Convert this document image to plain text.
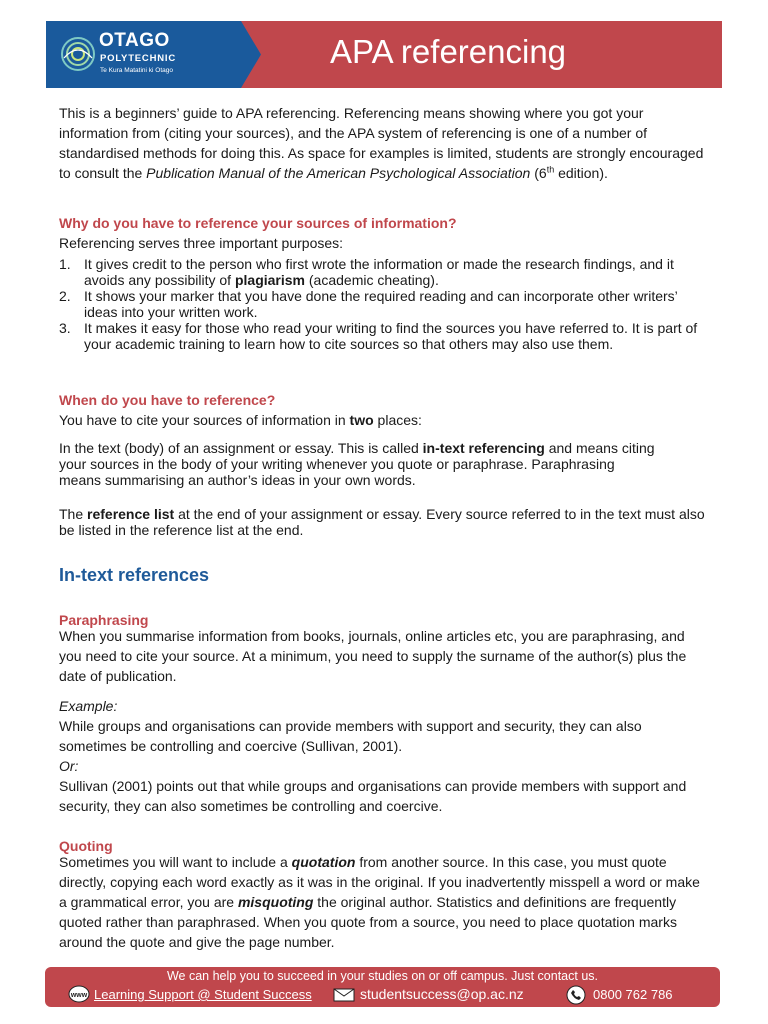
OTAGO
POLYTECHNIC
Te Kura Matatini ki Otago
APA referencing

This is a beginners’ guide to APA referencing. Referencing means showing where you got your information from (citing your sources), and the APA system of referencing is one of a number of standardised methods for doing this. As space for examples is limited, students are strongly encouraged to consult the Publication Manual of the American Psychological Association (6th edition).

Why do you have to reference your sources of information?

Referencing serves three important purposes:

1. It gives credit to the person who first wrote the information or made the research findings, and it avoids any possibility of plagiarism (academic cheating).
2. It shows your marker that you have done the required reading and can incorporate other writers’ ideas into your written work.
3. It makes it easy for those who read your writing to find the sources you have referred to. It is part of your academic training to learn how to cite sources so that others may also use them.
When do you have to reference?

You have to cite your sources of information in two places:

In the text (body) of an assignment or essay. This is called in-text referencing and means citing your sources in the body of your writing whenever you quote or paraphrase. Paraphrasing means summarising an author’s ideas in your own words.

The reference list at the end of your assignment or essay. Every source referred to in the text must also be listed in the reference list at the end.

In-text references
Paraphrasing

When you summarise information from books, journals, online articles etc, you are paraphrasing, and you need to cite your source. At a minimum, you need to supply the surname of the author(s) plus the date of publication.

Example:

While groups and organisations can provide members with support and security, they can also sometimes be controlling and coercive (Sullivan, 2001).

Or:

Sullivan (2001) points out that while groups and organisations can provide members with support and security, they can also sometimes be controlling and coercive.

Quoting

Sometimes you will want to include a quotation from another source. In this case, you must quote directly, copying each word exactly as it was in the original. If you inadvertently misspell a word or make a grammatical error, you are misquoting the original author. Statistics and definitions are frequently quoted rather than paraphrased. When you quote from a source, you need to place quotation marks around the quote and give the page number.

We can help you to succeed in your studies on or off campus. Just contact us.
www Learning Support @ Student Success	studentsuccess@op.ac.nz	0800 762 786
